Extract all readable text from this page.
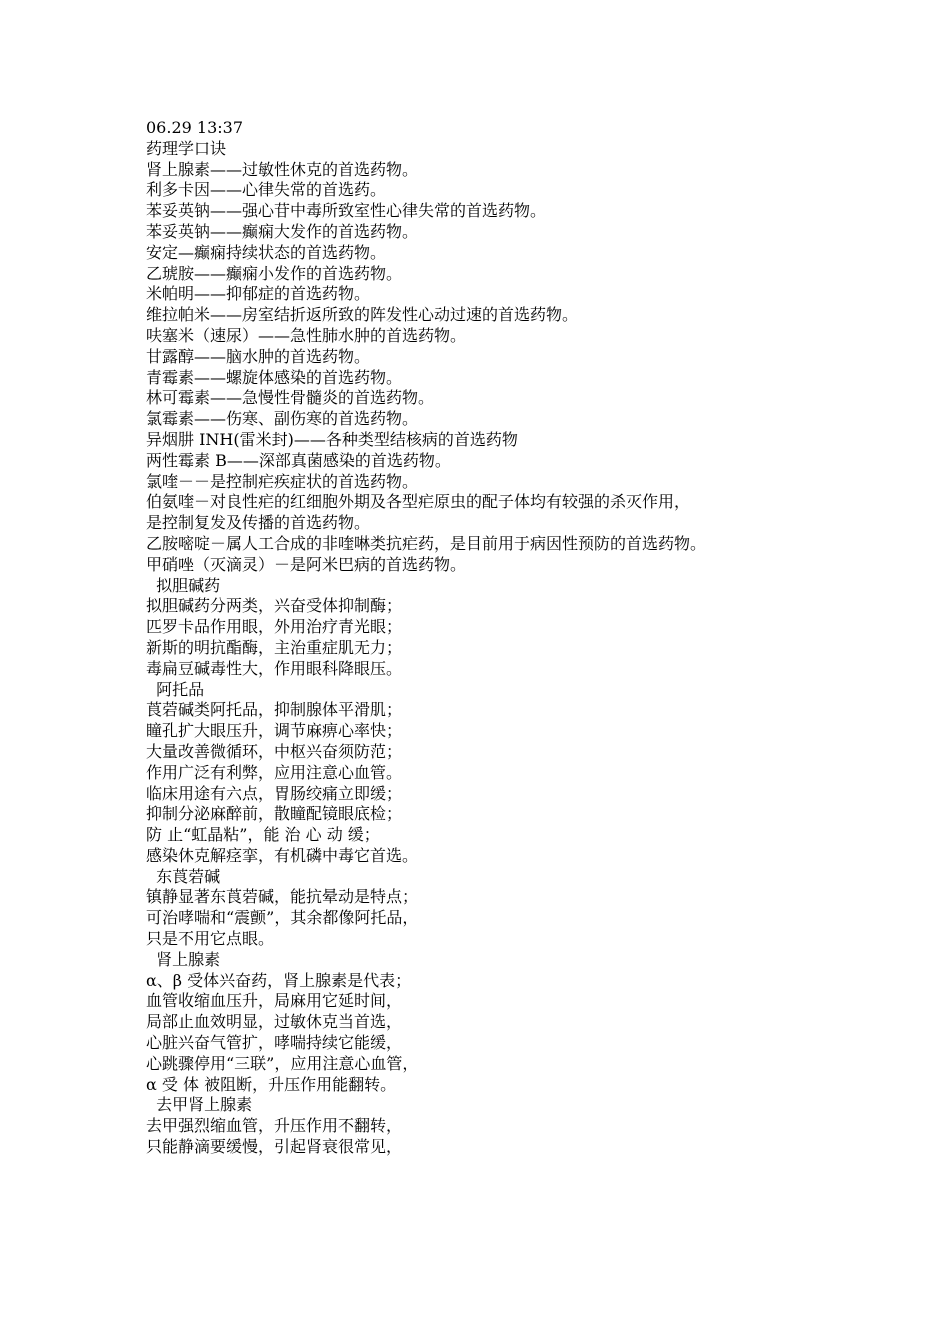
06.29 13:37
药理学口诀
肾上腺素——过敏性休克的首选药物。
利多卡因——心律失常的首选药。
苯妥英钠——强心苷中毒所致室性心律失常的首选药物。
苯妥英钠——癫痫大发作的首选药物。
安定—癫痫持续状态的首选药物。
乙琥胺——癫痫小发作的首选药物。
米帕明——抑郁症的首选药物。
维拉帕米——房室结折返所致的阵发性心动过速的首选药物。
呋塞米（速尿）——急性肺水肿的首选药物。
甘露醇——脑水肿的首选药物。
青霉素——螺旋体感染的首选药物。
林可霉素——急慢性骨髓炎的首选药物。
氯霉素——伤寒、副伤寒的首选药物。
异烟肼 INH(雷米封)——各种类型结核病的首选药物
两性霉素 B——深部真菌感染的首选药物。
氯喹－－是控制疟疾症状的首选药物。
伯氨喹－对良性疟的红细胞外期及各型疟原虫的配子体均有较强的杀灭作用，
是控制复发及传播的首选药物。
乙胺嘧啶－属人工合成的非喹啉类抗疟药，是目前用于病因性预防的首选药物。
甲硝唑（灭滴灵）－是阿米巴病的首选药物。
拟胆碱药
拟胆碱药分两类，兴奋受体抑制酶；
匹罗卡品作用眼，外用治疗青光眼；
新斯的明抗酯酶，主治重症肌无力；
毒扁豆碱毒性大，作用眼科降眼压。
阿托品
莨菪碱类阿托品，抑制腺体平滑肌；
瞳孔扩大眼压升，调节麻痹心率快；
大量改善微循环，中枢兴奋须防范；
作用广泛有利弊，应用注意心血管。
临床用途有六点，胃肠绞痛立即缓；
抑制分泌麻醉前，散瞳配镜眼底检；
防 止“虹晶粘”，能 治 心 动 缓；
感染休克解痉挛，有机磷中毒它首选。
东莨菪碱
镇静显著东莨菪碱，能抗晕动是特点；
可治哮喘和“震颤”，其余都像阿托品，
只是不用它点眼。
肾上腺素
α、β 受体兴奋药，肾上腺素是代表；
血管收缩血压升，局麻用它延时间，
局部止血效明显，过敏休克当首选，
心脏兴奋气管扩，哮喘持续它能缓，
心跳骤停用“三联”，应用注意心血管，
α 受 体 被阻断，升压作用能翻转。
去甲肾上腺素
去甲强烈缩血管，升压作用不翻转，
只能静滴要缓慢，引起肾衰很常见，
